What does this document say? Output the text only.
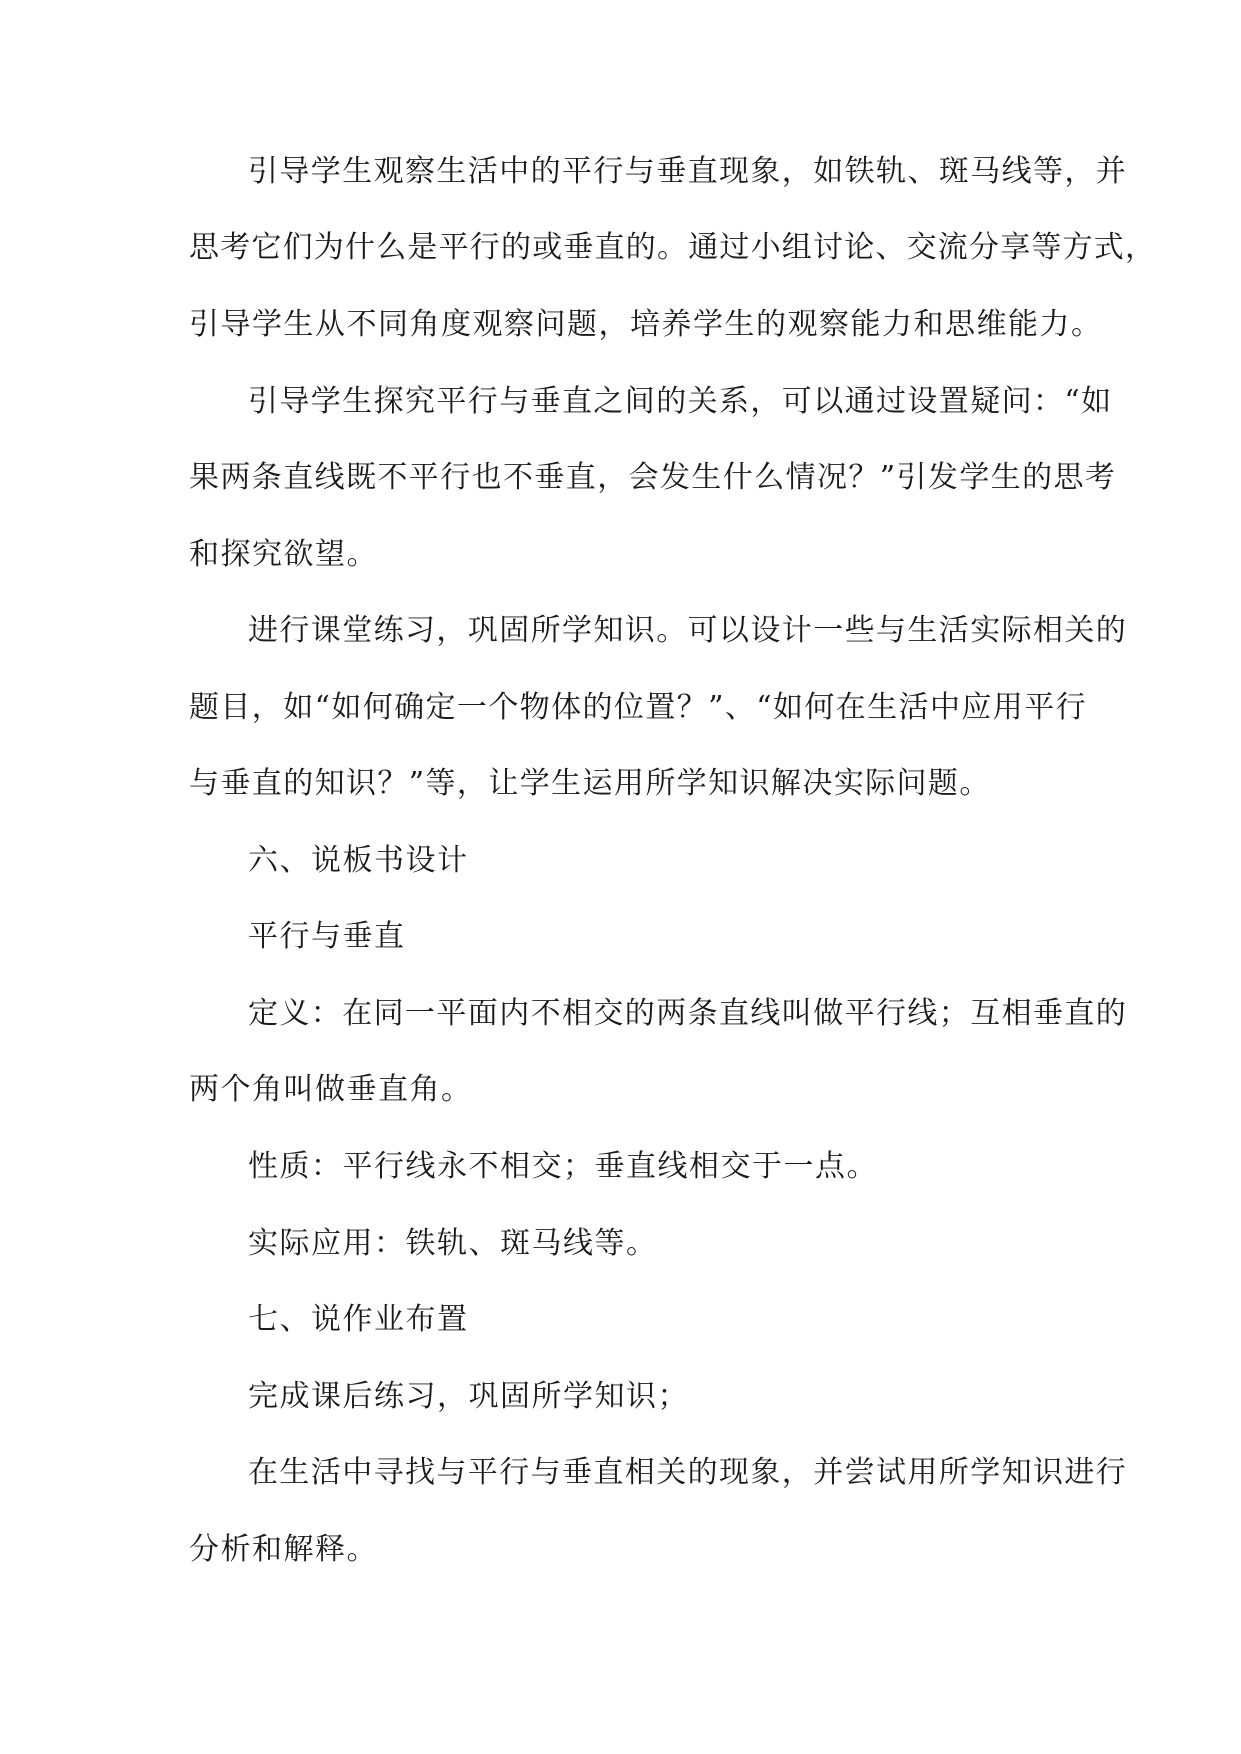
引导学生观察生活中的平行与垂直现象，如铁轨、斑马线等，并

思考它们为什么是平行的或垂直的。通过小组讨论、交流分享等方式，

引导学生从不同角度观察问题，培养学生的观察能力和思维能力。

引导学生探究平行与垂直之间的关系，可以通过设置疑问：“如

果两条直线既不平行也不垂直，会发生什么情况？”引发学生的思考

和探究欲望。

进行课堂练习，巩固所学知识。可以设计一些与生活实际相关的

题目，如“如何确定一个物体的位置？”、“如何在生活中应用平行

与垂直的知识？”等，让学生运用所学知识解决实际问题。

六、说板书设计

平行与垂直

定义：在同一平面内不相交的两条直线叫做平行线；互相垂直的

两个角叫做垂直角。

性质：平行线永不相交；垂直线相交于一点。

实际应用：铁轨、斑马线等。

七、说作业布置

完成课后练习，巩固所学知识；

在生活中寻找与平行与垂直相关的现象，并尝试用所学知识进行

分析和解释。
